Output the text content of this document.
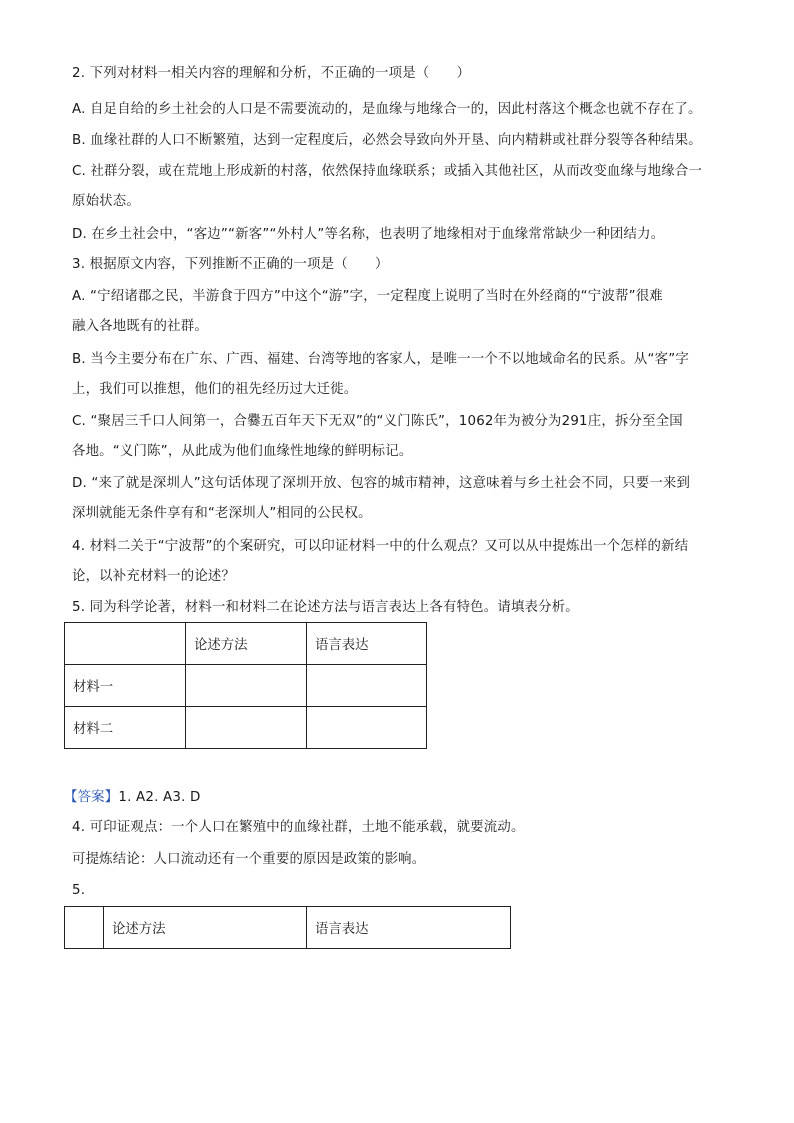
2. 下列对材料一相关内容的理解和分析，不正确的一项是（　　）
A. 自足自给的乡土社会的人口是不需要流动的，是血缘与地缘合一的，因此村落这个概念也就不存在了。
B. 血缘社群的人口不断繁殖，达到一定程度后，必然会导致向外开垦、向内精耕或社群分裂等各种结果。
C. 社群分裂，或在荒地上形成新的村落，依然保持血缘联系；或插入其他社区，从而改变血缘与地缘合一
原始状态。
D. 在乡土社会中，“客边”“新客”“外村人”等名称，也表明了地缘相对于血缘常常缺少一种团结力。
3. 根据原文内容，下列推断不正确的一项是（　　）
A. “宁绍诸郡之民，半游食于四方”中这个“游”字，一定程度上说明了当时在外经商的“宁波帮”很难
融入各地既有的社群。
B. 当今主要分布在广东、广西、福建、台湾等地的客家人，是唯一一个不以地域命名的民系。从“客”字
上，我们可以推想，他们的祖先经历过大迁徙。
C. “聚居三千口人间第一，合爨五百年天下无双”的“义门陈氏”，1062年为被分为291庄，拆分至全国
各地。“义门陈”，从此成为他们血缘性地缘的鲜明标记。
D. “来了就是深圳人”这句话体现了深圳开放、包容的城市精神，这意味着与乡土社会不同，只要一来到
深圳就能无条件享有和“老深圳人”相同的公民权。
4. 材料二关于“宁波帮”的个案研究，可以印证材料一中的什么观点？又可以从中提炼出一个怎样的新结
论，以补充材料一的论述？
5. 同为科学论著，材料一和材料二在论述方法与语言表达上各有特色。请填表分析。
	论述方法	语言表达
材料一		
材料二		
【答案】1. A2. A3. D
4. 可印证观点：一个人口在繁殖中的血缘社群，土地不能承载，就要流动。
可提炼结论：人口流动还有一个重要的原因是政策的影响。
5.
	论述方法	语言表达
